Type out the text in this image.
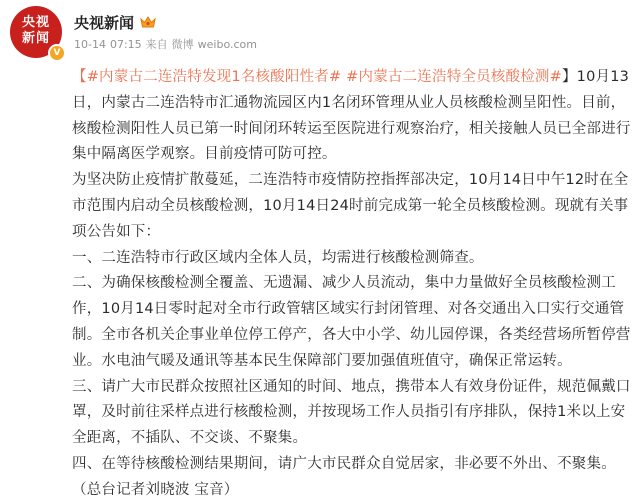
央视
新闻
V
央视新闻
10-14 07:15 来自 微博 weibo.com

【#内蒙古二连浩特发现1名核酸阳性者# #内蒙古二连浩特全员核酸检测#】10月13日，内蒙古二连浩特市汇通物流园区内1名闭环管理从业人员核酸检测呈阳性。目前，核酸检测阳性人员已第一时间闭环转运至医院进行观察治疗，相关接触人员已全部进行集中隔离医学观察。目前疫情可防可控。

为坚决防止疫情扩散蔓延，二连浩特市疫情防控指挥部决定，10月14日中午12时在全市范围内启动全员核酸检测，10月14日24时前完成第一轮全员核酸检测。现就有关事项公告如下：

一、二连浩特市行政区域内全体人员，均需进行核酸检测筛查。

二、为确保核酸检测全覆盖、无遗漏、减少人员流动，集中力量做好全员核酸检测工作，10月14日零时起对全市行政管辖区域实行封闭管理、对各交通出入口实行交通管制。全市各机关企事业单位停工停产，各大中小学、幼儿园停课，各类经营场所暂停营业。水电油气暖及通讯等基本民生保障部门要加强值班值守，确保正常运转。

三、请广大市民群众按照社区通知的时间、地点，携带本人有效身份证件，规范佩戴口罩，及时前往采样点进行核酸检测，并按现场工作人员指引有序排队，保持1米以上安全距离，不插队、不交谈、不聚集。

四、在等待核酸检测结果期间，请广大市民群众自觉居家，非必要不外出、不聚集。

（总台记者刘晓波 宝音）
